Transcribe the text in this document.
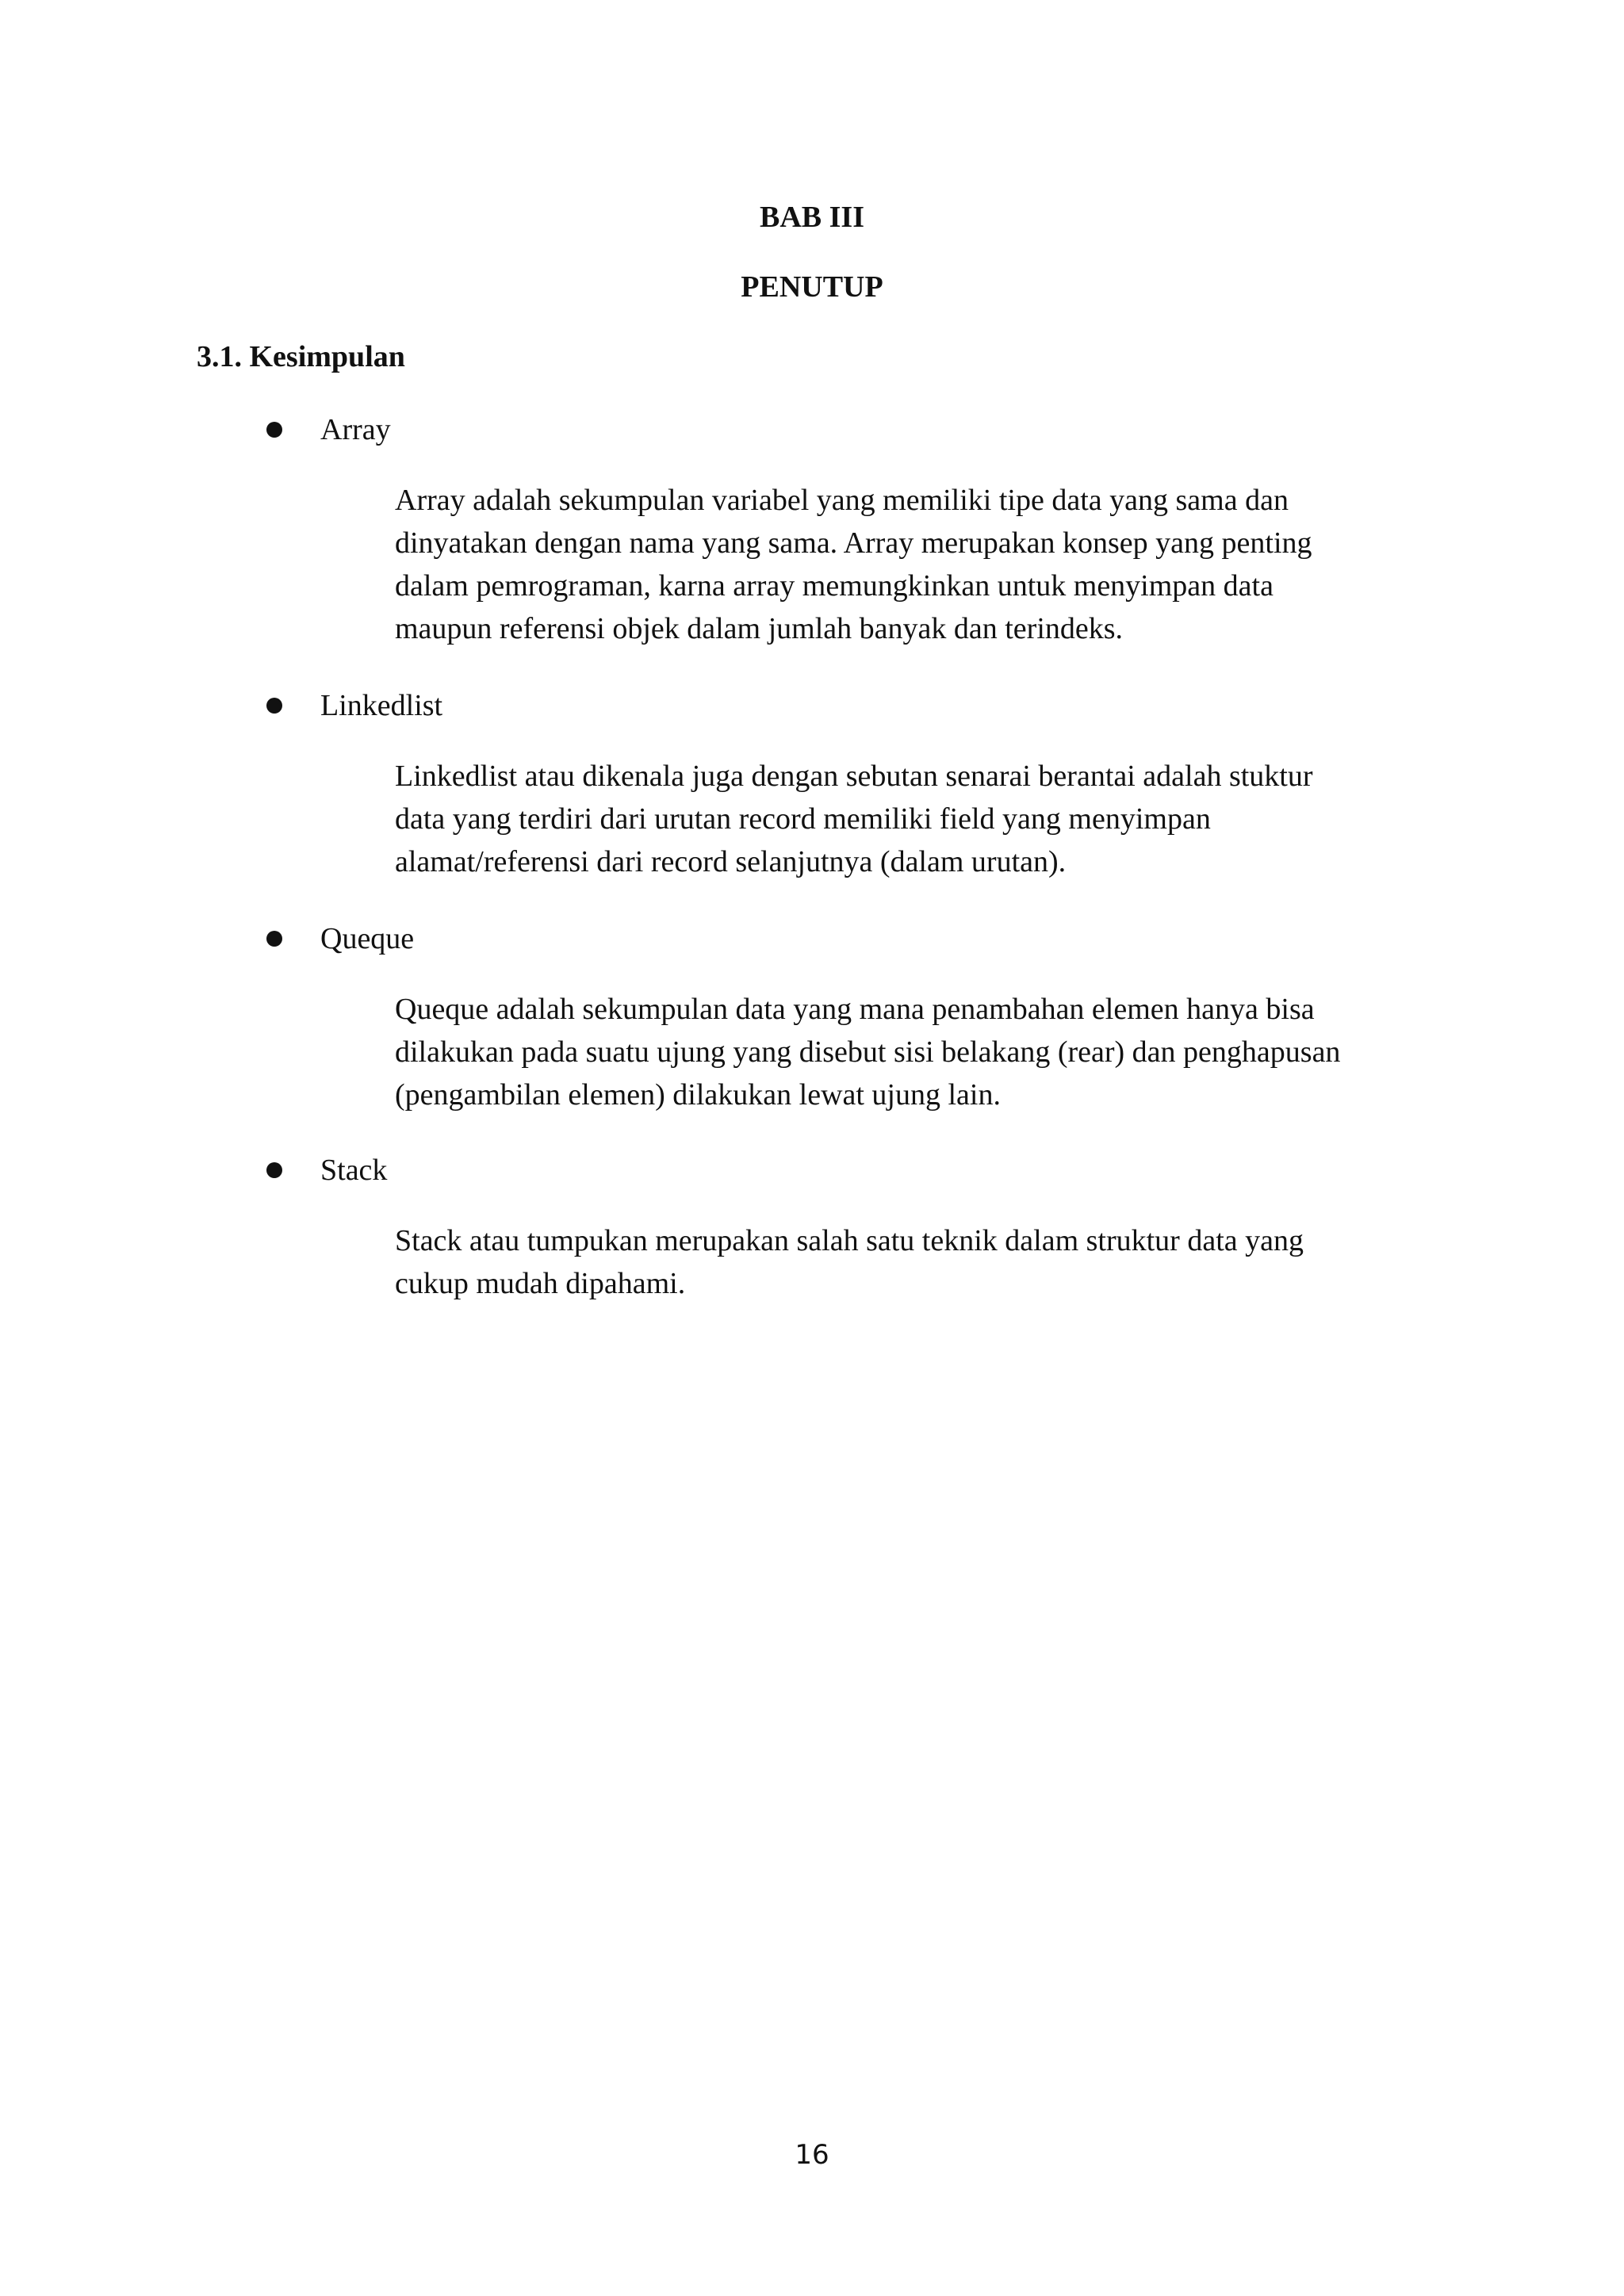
BAB III
PENUTUP
3.1. Kesimpulan
Array
Array adalah sekumpulan variabel yang memiliki tipe data yang sama dan
dinyatakan dengan nama yang sama. Array merupakan konsep yang penting
dalam pemrograman, karna array memungkinkan untuk menyimpan data
maupun referensi objek dalam jumlah banyak dan terindeks.
Linkedlist
Linkedlist atau dikenala juga dengan sebutan senarai berantai adalah stuktur
data yang terdiri dari urutan record memiliki field yang menyimpan
alamat/referensi dari record selanjutnya (dalam urutan).
Queque
Queque adalah sekumpulan data yang mana penambahan elemen hanya bisa
dilakukan pada suatu ujung yang disebut sisi belakang (rear) dan penghapusan
(pengambilan elemen) dilakukan lewat ujung lain.
Stack
Stack atau tumpukan merupakan salah satu teknik dalam struktur data yang
cukup mudah dipahami.
16
